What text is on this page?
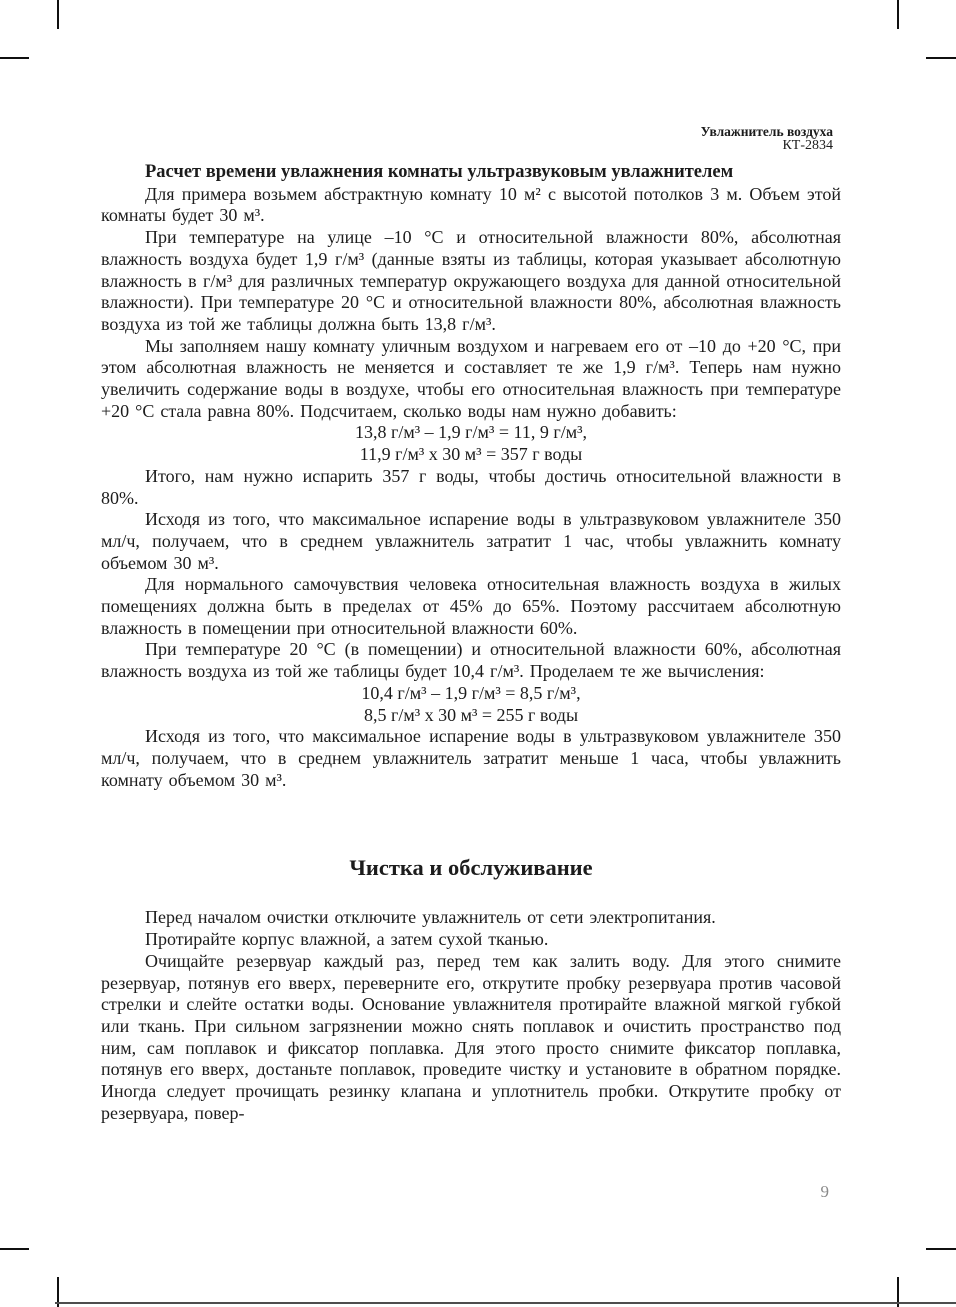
Увлажнитель воздуха
КТ-2834

Расчет времени увлажнения комнаты ультразвуковым увлажнителем

Для примера возьмем абстрактную комнату 10 м² с высотой потолков 3 м. Объем этой комнаты будет 30 м³.

При температуре на улице –10 °С и относительной влажности 80%, абсолютная влажность воздуха будет 1,9 г/м³ (данные взяты из таблицы, которая указывает абсолютную влажность в г/м³ для различных температур окружающего воздуха для данной относительной влажности). При температуре 20 °С и относительной влажности 80%, абсолютная влажность воздуха из той же таблицы должна быть 13,8 г/м³.

Мы заполняем нашу комнату уличным воздухом и нагреваем его от –10 до +20 °С, при этом абсолютная влажность не меняется и составляет те же 1,9 г/м³. Теперь нам нужно увеличить содержание воды в воздухе, чтобы его относительная влажность при температуре +20 °С стала равна 80%. Подсчитаем, сколько воды нам нужно добавить:

13,8 г/м³ – 1,9 г/м³ = 11, 9 г/м³,
11,9 г/м³ х 30 м³ = 357 г воды

Итого, нам нужно испарить 357 г воды, чтобы достичь относительной влажности в 80%.

Исходя из того, что максимальное испарение воды в ультразвуковом увлажнителе 350 мл/ч, получаем, что в среднем увлажнитель затратит 1 час, чтобы увлажнить комнату объемом 30 м³.

Для нормального самочувствия человека относительная влажность воздуха в жилых помещениях должна быть в пределах от 45% до 65%. Поэтому рассчитаем абсолютную влажность в помещении при относительной влажности 60%.

При температуре 20 °С (в помещении) и относительной влажности 60%, абсолютная влажность воздуха из той же таблицы будет 10,4 г/м³. Проделаем те же вычисления:

10,4 г/м³ – 1,9 г/м³ = 8,5 г/м³,
8,5 г/м³ х 30 м³ = 255 г воды

Исходя из того, что максимальное испарение воды в ультразвуковом увлажнителе 350 мл/ч, получаем, что в среднем увлажнитель затратит меньше 1 часа, чтобы увлажнить комнату объемом 30 м³.

Чистка и обслуживание

Перед началом очистки отключите увлажнитель от сети электропитания.

Протирайте корпус влажной, а затем сухой тканью.

Очищайте резервуар каждый раз, перед тем как залить воду. Для этого снимите резервуар, потянув его вверх, переверните его, открутите пробку резервуара против часовой стрелки и слейте остатки воды. Основание увлажнителя протирайте влажной мягкой губкой или ткань. При сильном загрязнении можно снять поплавок и очистить пространство под ним, сам поплавок и фиксатор поплавка. Для этого просто снимите фиксатор поплавка, потянув его вверх, достаньте поплавок, проведите чистку и установите в обратном порядке. Иногда следует прочищать резинку клапана и уплотнитель пробки. Открутите пробку от резервуара, повер-

9
